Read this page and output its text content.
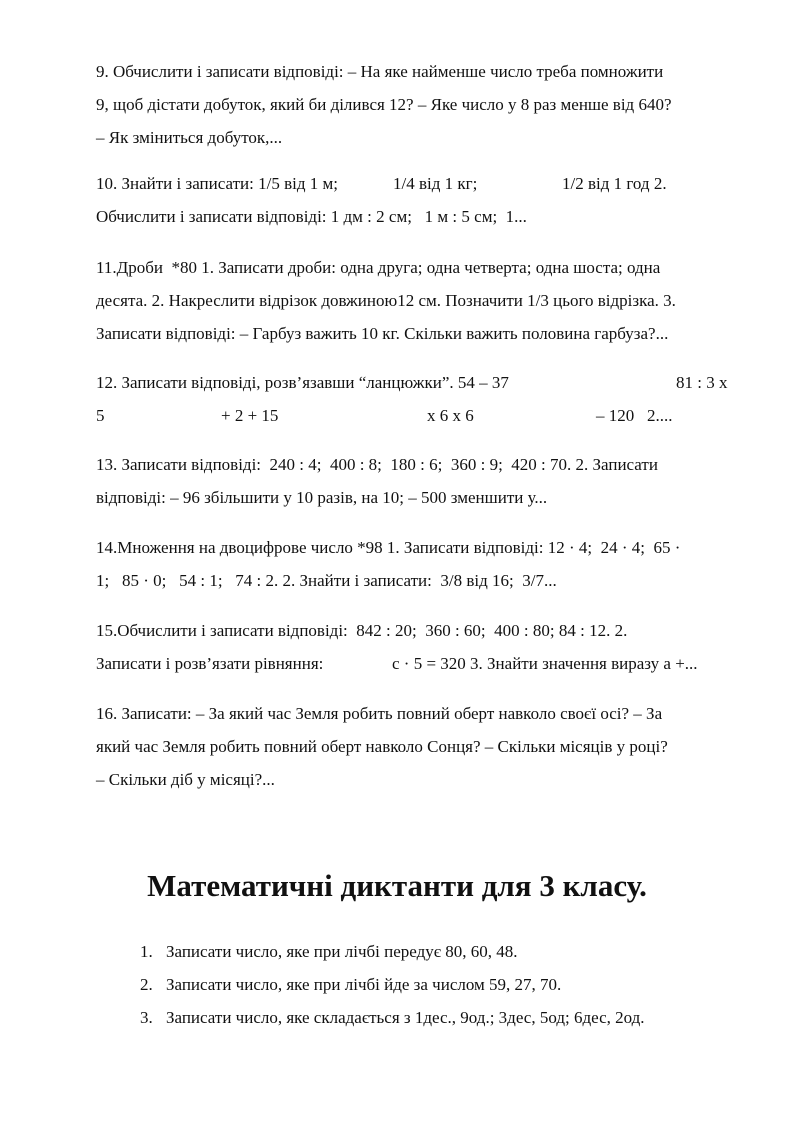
9. Обчислити і записати відповіді: – На яке найменше число треба помножити
9, щоб дістати добуток, який би ділився 12? – Яке число у 8 раз менше від 640?
– Як зміниться добуток,...
10. Знайти і записати: 1/5 від 1 м;	1/4 від 1 кг;	1/2 від 1 год 2.
Обчислити і записати відповіді: 1 дм : 2 см;   1 м : 5 см;  1...
11.Дроби  *80 1. Записати дроби: одна друга; одна четверта; одна шоста; одна
десята. 2. Накреслити відрізок довжиною12 см. Позначити 1/3 цього відрізка. 3.
Записати відповіді: – Гарбуз важить 10 кг. Скільки важить половина гарбуза?...
12. Записати відповіді, розв’язавши “ланцюжки”. 54 – 37	81 : 3 х
5	+ 2 + 15	х 6 х 6	– 120   2....
13. Записати відповіді:  240 : 4;  400 : 8;  180 : 6;  360 : 9;  420 : 70. 2. Записати
відповіді: – 96 збільшити у 10 разів, на 10; – 500 зменшити у...
14.Множення на двоцифрове число *98 1. Записати відповіді: 12 · 4;  24 · 4;  65 ·
1;   85 · 0;   54 : 1;   74 : 2. 2. Знайти і записати:  3/8 від 16;  3/7...
15.Обчислити і записати відповіді:  842 : 20;  360 : 60;  400 : 80; 84 : 12. 2.
Записати і розв’язати рівняння:	с · 5 = 320 3. Знайти значення виразу а +...
16. Записати: – За який час Земля робить повний оберт навколо своєї осі? – За
який час Земля робить повний оберт навколо Сонця? – Скільки місяців у році?
– Скільки діб у місяці?...
Математичні диктанти для 3 класу.
1. Записати число, яке при лічбі передує 80, 60, 48.
2. Записати число, яке при лічбі йде за числом 59, 27, 70.
3. Записати число, яке складається з 1дес., 9од.; 3дес, 5од; 6дес, 2од.
